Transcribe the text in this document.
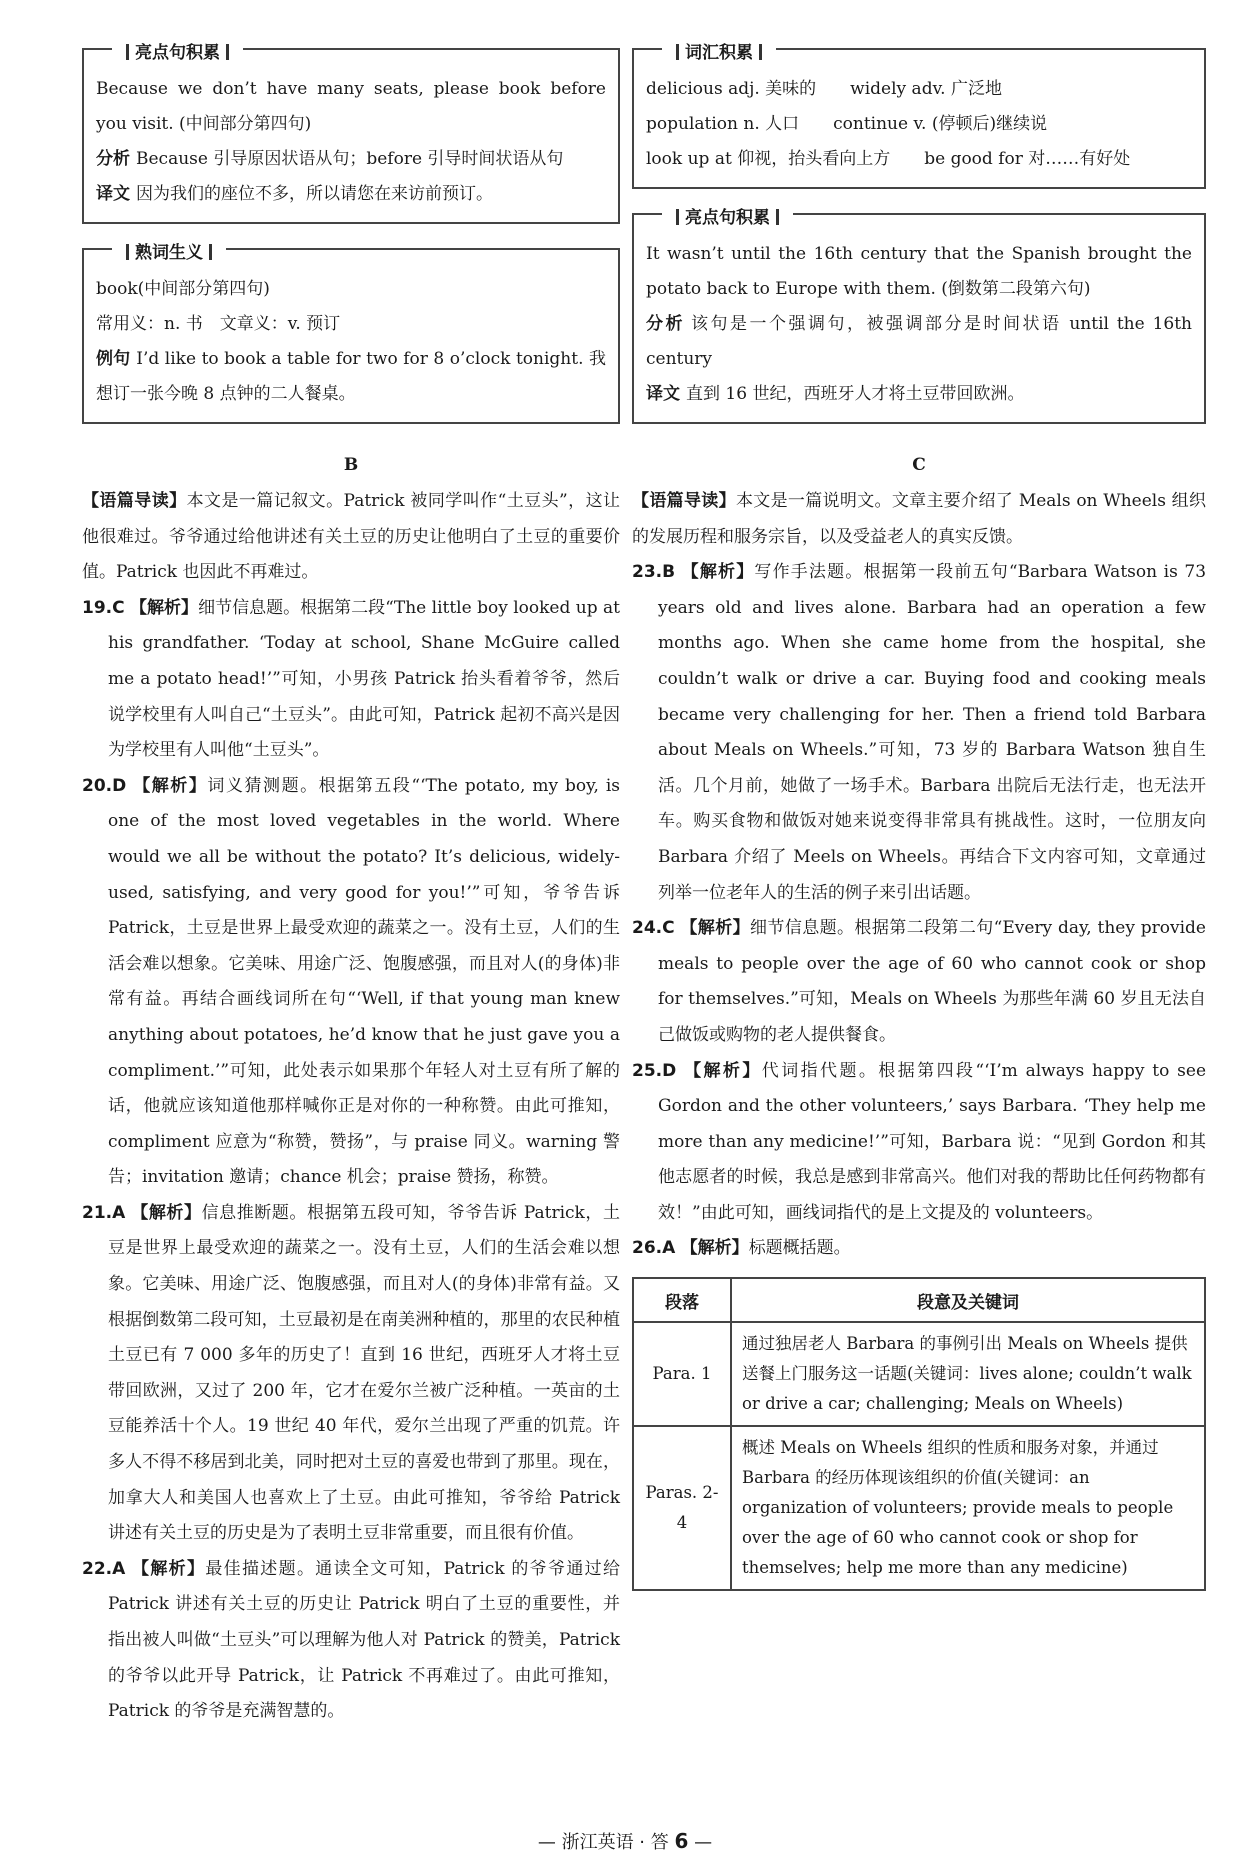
亮点句积累
Because we don’t have many seats, please book before you visit. (中间部分第四句)
分析 Because 引导原因状语从句；before 引导时间状语从句
译文 因为我们的座位不多，所以请您在来访前预订。
熟词生义
book(中间部分第四句)
常用义：n. 书　文章义：v. 预订
例句 I’d like to book a table for two for 8 o’clock tonight. 我想订一张今晚 8 点钟的二人餐桌。
B
【语篇导读】本文是一篇记叙文。Patrick 被同学叫作“土豆头”，这让他很难过。爷爷通过给他讲述有关土豆的历史让他明白了土豆的重要价值。Patrick 也因此不再难过。
19.C 【解析】细节信息题。根据第二段“The little boy looked up at his grandfather. ‘Today at school, Shane McGuire called me a potato head!’”可知，小男孩 Patrick 抬头看着爷爷，然后说学校里有人叫自己“土豆头”。由此可知，Patrick 起初不高兴是因为学校里有人叫他“土豆头”。
20.D 【解析】词义猜测题。根据第五段“‘The potato, my boy, is one of the most loved vegetables in the world. Where would we all be without the potato? It’s delicious, widely-used, satisfying, and very good for you!’”可知，爷爷告诉 Patrick，土豆是世界上最受欢迎的蔬菜之一。没有土豆，人们的生活会难以想象。它美味、用途广泛、饱腹感强，而且对人(的身体)非常有益。再结合画线词所在句“‘Well, if that young man knew anything about potatoes, he’d know that he just gave you a compliment.’”可知，此处表示如果那个年轻人对土豆有所了解的话，他就应该知道他那样喊你正是对你的一种称赞。由此可推知，compliment 应意为“称赞，赞扬”，与 praise 同义。warning 警告；invitation 邀请；chance 机会；praise 赞扬，称赞。
21.A 【解析】信息推断题。根据第五段可知，爷爷告诉 Patrick，土豆是世界上最受欢迎的蔬菜之一。没有土豆，人们的生活会难以想象。它美味、用途广泛、饱腹感强，而且对人(的身体)非常有益。又根据倒数第二段可知，土豆最初是在南美洲种植的，那里的农民种植土豆已有 7 000 多年的历史了！直到 16 世纪，西班牙人才将土豆带回欧洲，又过了 200 年，它才在爱尔兰被广泛种植。一英亩的土豆能养活十个人。19 世纪 40 年代，爱尔兰出现了严重的饥荒。许多人不得不移居到北美，同时把对土豆的喜爱也带到了那里。现在，加拿大人和美国人也喜欢上了土豆。由此可推知，爷爷给 Patrick 讲述有关土豆的历史是为了表明土豆非常重要，而且很有价值。
22.A 【解析】最佳描述题。通读全文可知，Patrick 的爷爷通过给 Patrick 讲述有关土豆的历史让 Patrick 明白了土豆的重要性，并指出被人叫做“土豆头”可以理解为他人对 Patrick 的赞美，Patrick 的爷爷以此开导 Patrick，让 Patrick 不再难过了。由此可推知，Patrick 的爷爷是充满智慧的。
词汇积累
delicious adj. 美味的　　widely adv. 广泛地
population n. 人口　　continue v. (停顿后)继续说
look up at 仰视，抬头看向上方　　be good for 对……有好处
亮点句积累
It wasn’t until the 16th century that the Spanish brought the potato back to Europe with them. (倒数第二段第六句)
分析 该句是一个强调句，被强调部分是时间状语 until the 16th century
译文 直到 16 世纪，西班牙人才将土豆带回欧洲。
C
【语篇导读】本文是一篇说明文。文章主要介绍了 Meals on Wheels 组织的发展历程和服务宗旨，以及受益老人的真实反馈。
23.B 【解析】写作手法题。根据第一段前五句“Barbara Watson is 73 years old and lives alone. Barbara had an operation a few months ago. When she came home from the hospital, she couldn’t walk or drive a car. Buying food and cooking meals became very challenging for her. Then a friend told Barbara about Meals on Wheels.”可知，73 岁的 Barbara Watson 独自生活。几个月前，她做了一场手术。Barbara 出院后无法行走，也无法开车。购买食物和做饭对她来说变得非常具有挑战性。这时，一位朋友向 Barbara 介绍了 Meels on Wheels。再结合下文内容可知，文章通过列举一位老年人的生活的例子来引出话题。
24.C 【解析】细节信息题。根据第二段第二句“Every day, they provide meals to people over the age of 60 who cannot cook or shop for themselves.”可知，Meals on Wheels 为那些年满 60 岁且无法自己做饭或购物的老人提供餐食。
25.D 【解析】代词指代题。根据第四段“‘I’m always happy to see Gordon and the other volunteers,’ says Barbara. ‘They help me more than any medicine!’”可知，Barbara 说：“见到 Gordon 和其他志愿者的时候，我总是感到非常高兴。他们对我的帮助比任何药物都有效！”由此可知，画线词指代的是上文提及的 volunteers。
26.A 【解析】标题概括题。
段落	段意及关键词
Para. 1	通过独居老人 Barbara 的事例引出 Meals on Wheels 提供送餐上门服务这一话题(关键词：lives alone; couldn’t walk or drive a car; challenging; Meals on Wheels)
Paras. 2-4	概述 Meals on Wheels 组织的性质和服务对象，并通过 Barbara 的经历体现该组织的价值(关键词：an organization of volunteers; provide meals to people over the age of 60 who cannot cook or shop for themselves; help me more than any medicine)
— 浙江英语 · 答 6 —
